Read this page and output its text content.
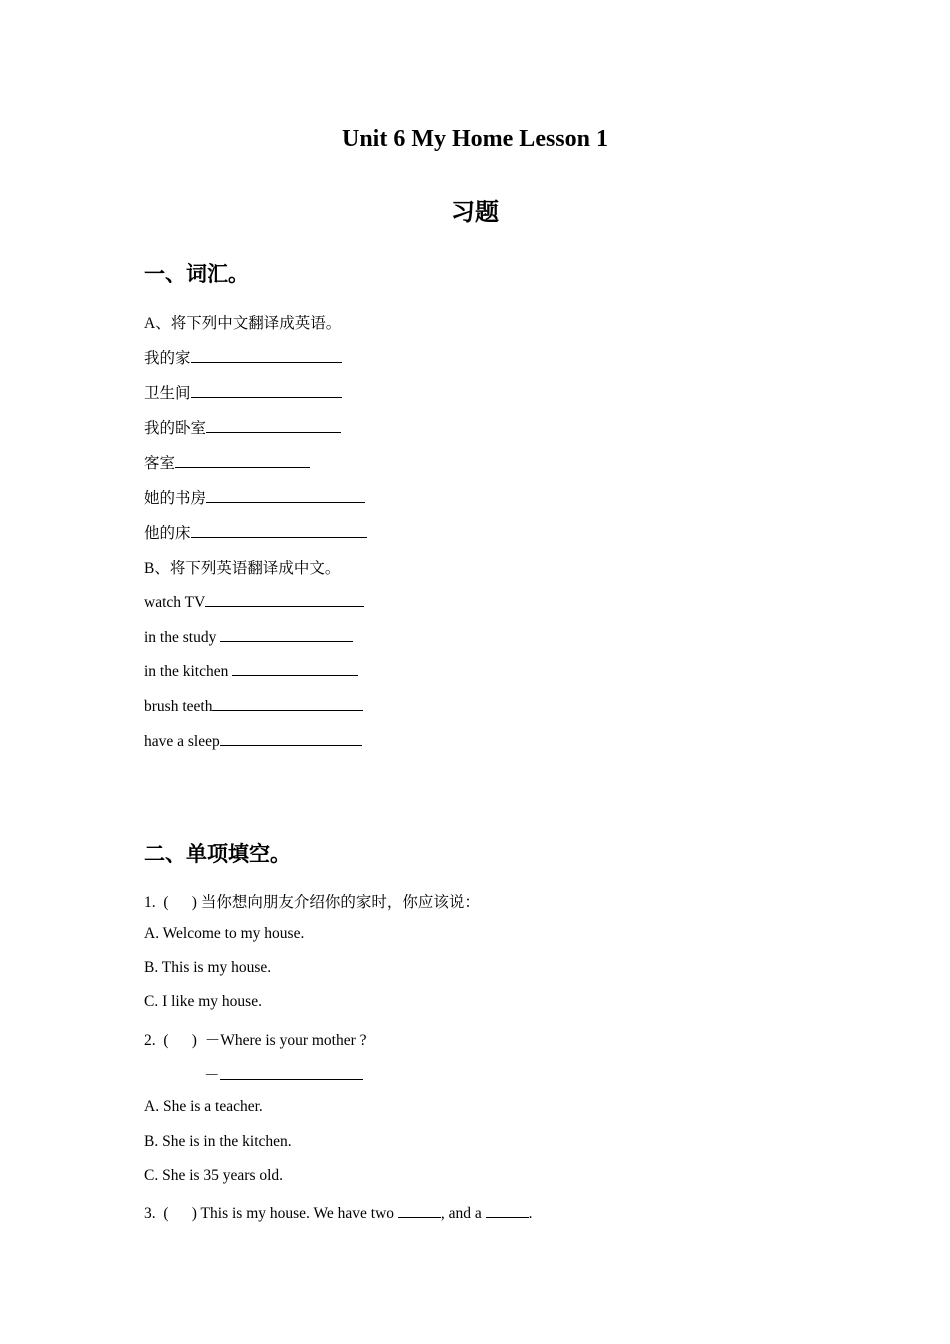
Unit 6 My Home Lesson 1
习题
一、词汇。
A、将下列中文翻译成英语。
我的家
卫生间
我的卧室
客室
她的书房
他的床
B、将下列英语翻译成中文。
watch TV
in the study
in the kitchen
brush teeth
have a sleep
二、单项填空。
1.  (      ) 当你想向朋友介绍你的家时，你应该说：
A. Welcome to my house.
B. This is my house.
C. I like my house.
2.  (      )  －Where is your mother ?
－
A. She is a teacher.
B. She is in the kitchen.
C. She is 35 years old.
3.  (      ) This is my house. We have two	, and a	.
